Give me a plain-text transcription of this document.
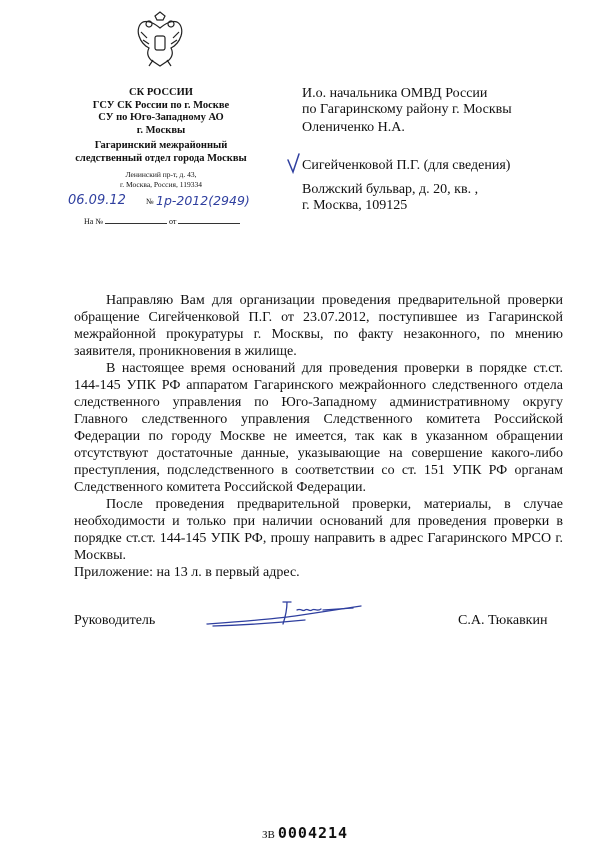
СК РОССИИ
ГСУ СК России по г. Москве
СУ по Юго-Западному АО
г. Москвы
Гагаринский межрайонный
следственный отдел города Москвы
Ленинский пр-т, д. 43,
г. Москва, Россия, 119334
06.09.12	№ 1р-2012(2949)
На №	от
И.о. начальника ОМВД России
по Гагаринскому району г. Москвы
Олениченко Н.А.
Сигейченковой П.Г. (для сведения)
Волжский бульвар, д. 20, кв. ,
г. Москва, 109125

Направляю Вам для организации проведения предварительной проверки обращение Сигейченковой П.Г. от 23.07.2012, поступившее из Гагаринской межрайонной прокуратуры г. Москвы, по факту незаконного, по мнению заявителя, проникновения в жилище.

В настоящее время оснований для проведения проверки в порядке ст.ст. 144-145 УПК РФ аппаратом Гагаринского межрайонного следственного отдела следственного управления по Юго-Западному административному округу Главного следственного управления Следственного комитета Российской Федерации по городу Москве не имеется, так как в указанном обращении отсутствуют достаточные данные, указывающие на совершение какого-либо преступления, подследственного в соответствии со ст. 151 УПК РФ органам Следственного комитета Российской Федерации.

После проведения предварительной проверки, материалы, в случае необходимости и только при наличии оснований для проведения проверки в порядке ст.ст. 144-145 УПК РФ, прошу направить в адрес Гагаринского МРСО г. Москвы.

Приложение: на 13 л. в первый адрес.
Руководитель	С.А. Тюкавкин
ЗВ 0004214
